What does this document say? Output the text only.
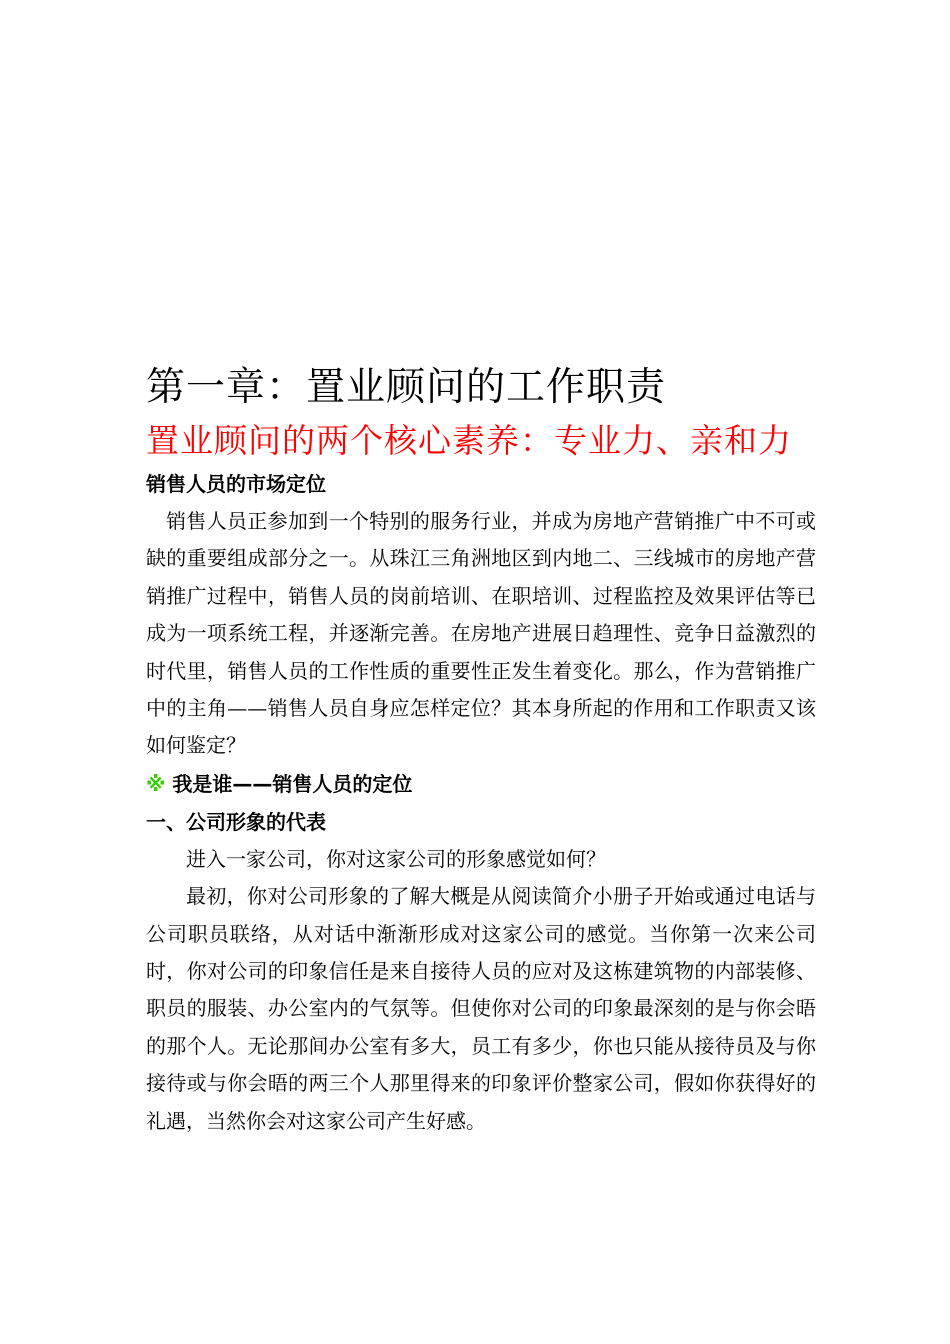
第一章：置业顾问的工作职责
置业顾问的两个核心素养：专业力、亲和力
销售人员的市场定位

销售人员正参加到一个特别的服务行业，并成为房地产营销推广中不可或缺的重要组成部分之一。从珠江三角洲地区到内地二、三线城市的房地产营销推广过程中，销售人员的岗前培训、在职培训、过程监控及效果评估等已成为一项系统工程，并逐渐完善。在房地产进展日趋理性、竞争日益激烈的时代里，销售人员的工作性质的重要性正发生着变化。那么，作为营销推广中的主角——销售人员自身应怎样定位？其本身所起的作用和工作职责又该如何鉴定？

※ 我是谁——销售人员的定位
一、公司形象的代表

进入一家公司，你对这家公司的形象感觉如何？

最初，你对公司形象的了解大概是从阅读简介小册子开始或通过电话与公司职员联络，从对话中渐渐形成对这家公司的感觉。当你第一次来公司时，你对公司的印象信任是来自接待人员的应对及这栋建筑物的内部装修、职员的服装、办公室内的气氛等。但使你对公司的印象最深刻的是与你会晤的那个人。无论那间办公室有多大，员工有多少，你也只能从接待员及与你接待或与你会晤的两三个人那里得来的印象评价整家公司，假如你获得好的礼遇，当然你会对这家公司产生好感。
